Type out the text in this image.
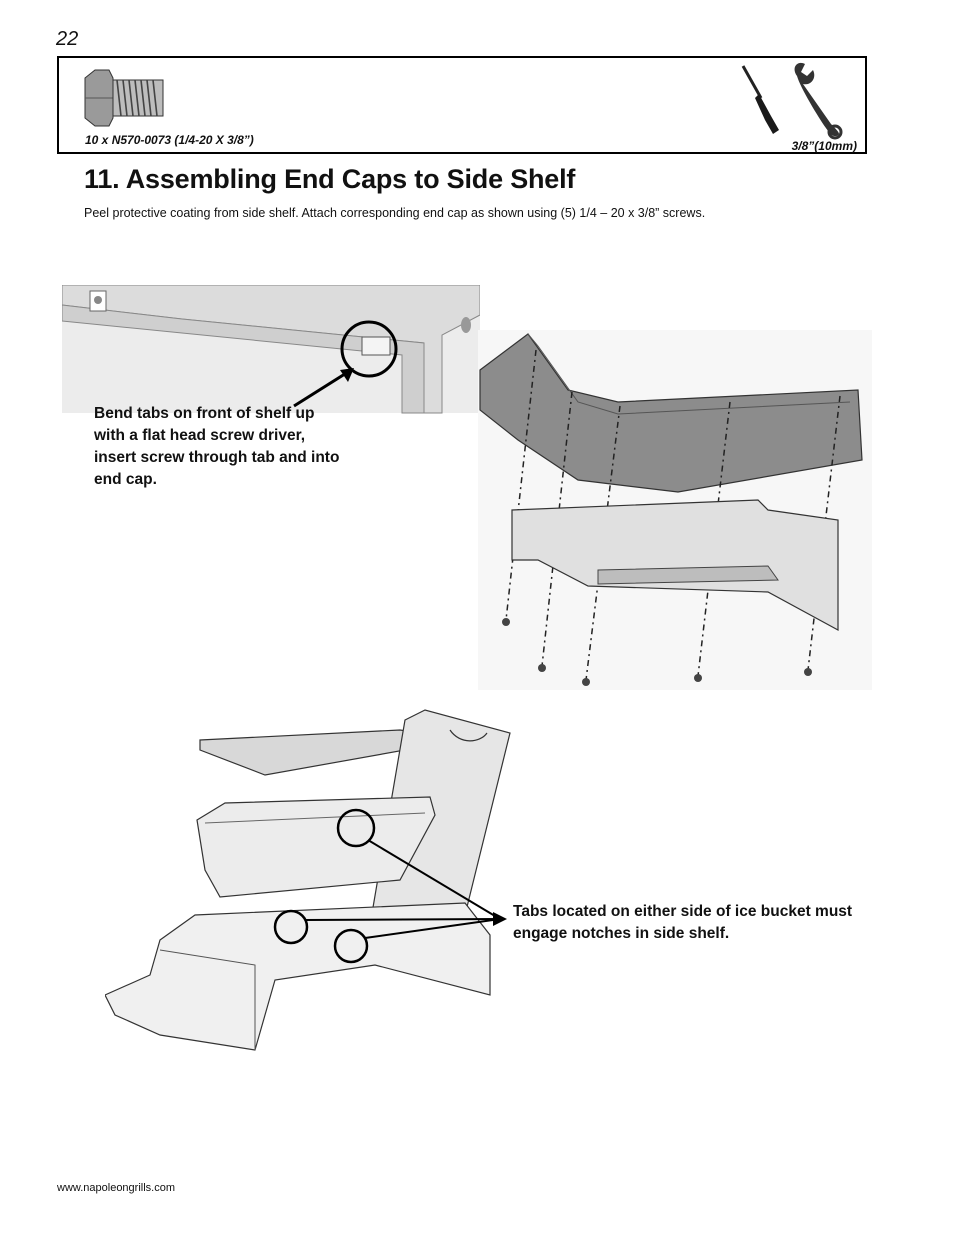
22
10 x N570-0073 (1/4-20 X 3/8”)	3/8”(10mm)
11. Assembling End Caps to Side Shelf

Peel protective coating from side shelf. Attach corresponding end cap as shown using (5) 1/4 – 20 x 3/8” screws.

Bend tabs on front of shelf up with a flat head screw driver, insert screw through tab and into end cap.
Tabs located on either side of ice bucket must engage notches in side shelf.
www.napoleongrills.com
